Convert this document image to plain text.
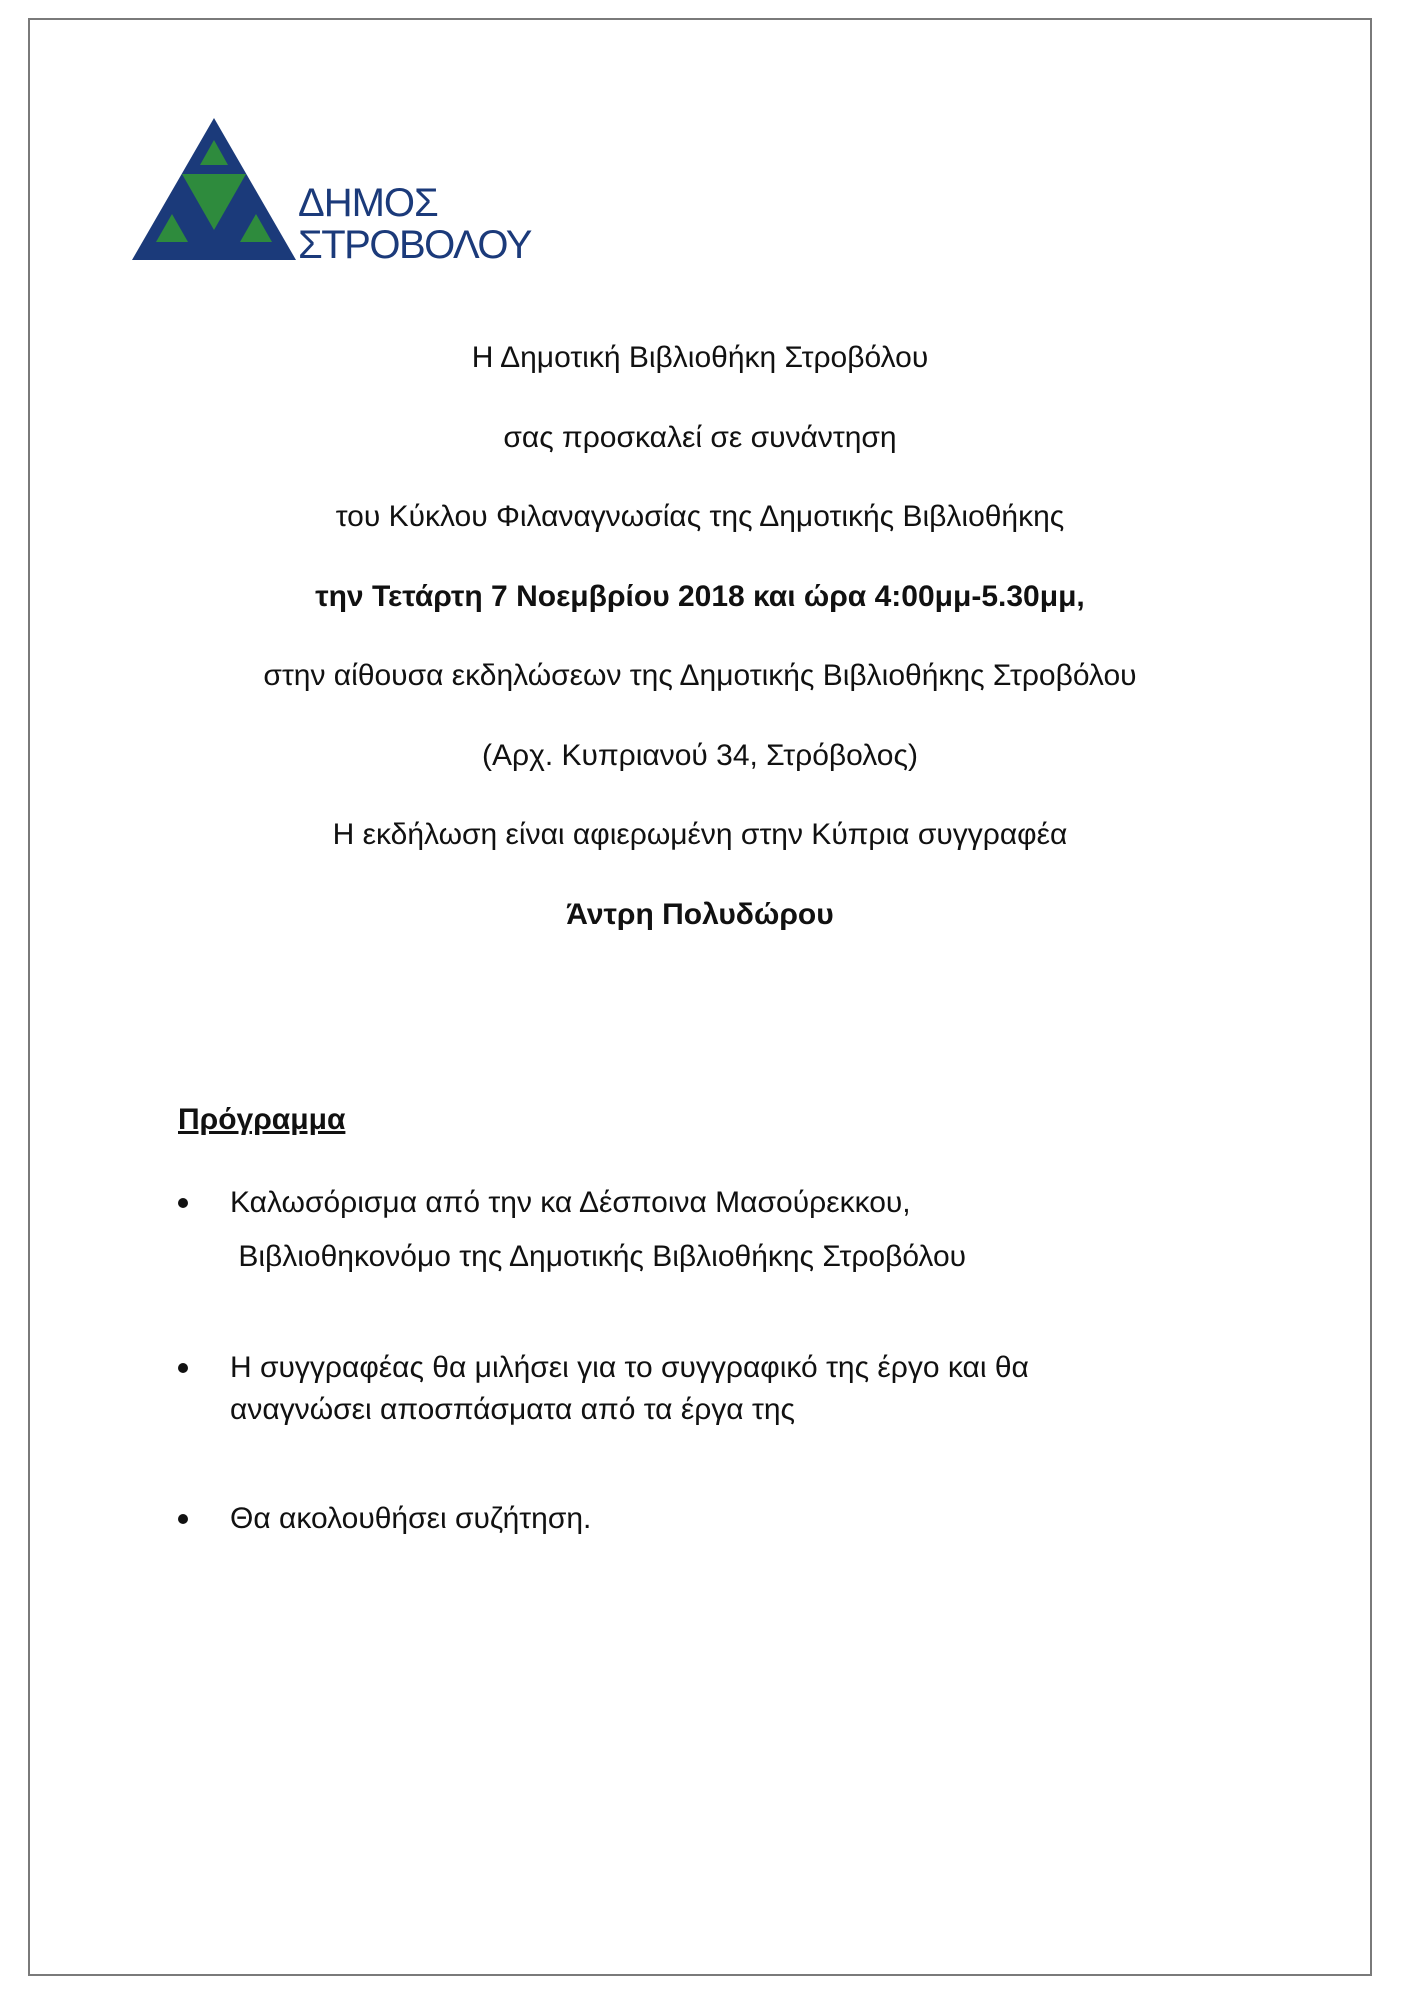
ΔΗΜΟΣ
ΣΤΡΟΒΟΛΟΥ
Η Δημοτική Βιβλιοθήκη Στροβόλου
σας προσκαλεί σε συνάντηση
του Κύκλου Φιλαναγνωσίας της Δημοτικής Βιβλιοθήκης
την Τετάρτη 7 Νοεμβρίου 2018 και ώρα 4:00μμ-5.30μμ,
στην αίθουσα εκδηλώσεων της Δημοτικής Βιβλιοθήκης Στροβόλου
(Αρχ. Κυπριανού 34, Στρόβολος)
Η εκδήλωση είναι αφιερωμένη στην Κύπρια συγγραφέα
Άντρη Πολυδώρου
Πρόγραμμα
Καλωσόρισμα από την κα Δέσποινα Μασούρεκκου,
Βιβλιοθηκονόμο της Δημοτικής Βιβλιοθήκης Στροβόλου
Η συγγραφέας θα μιλήσει για το συγγραφικό της έργο και θα
αναγνώσει αποσπάσματα από τα έργα της
Θα ακολουθήσει συζήτηση.
